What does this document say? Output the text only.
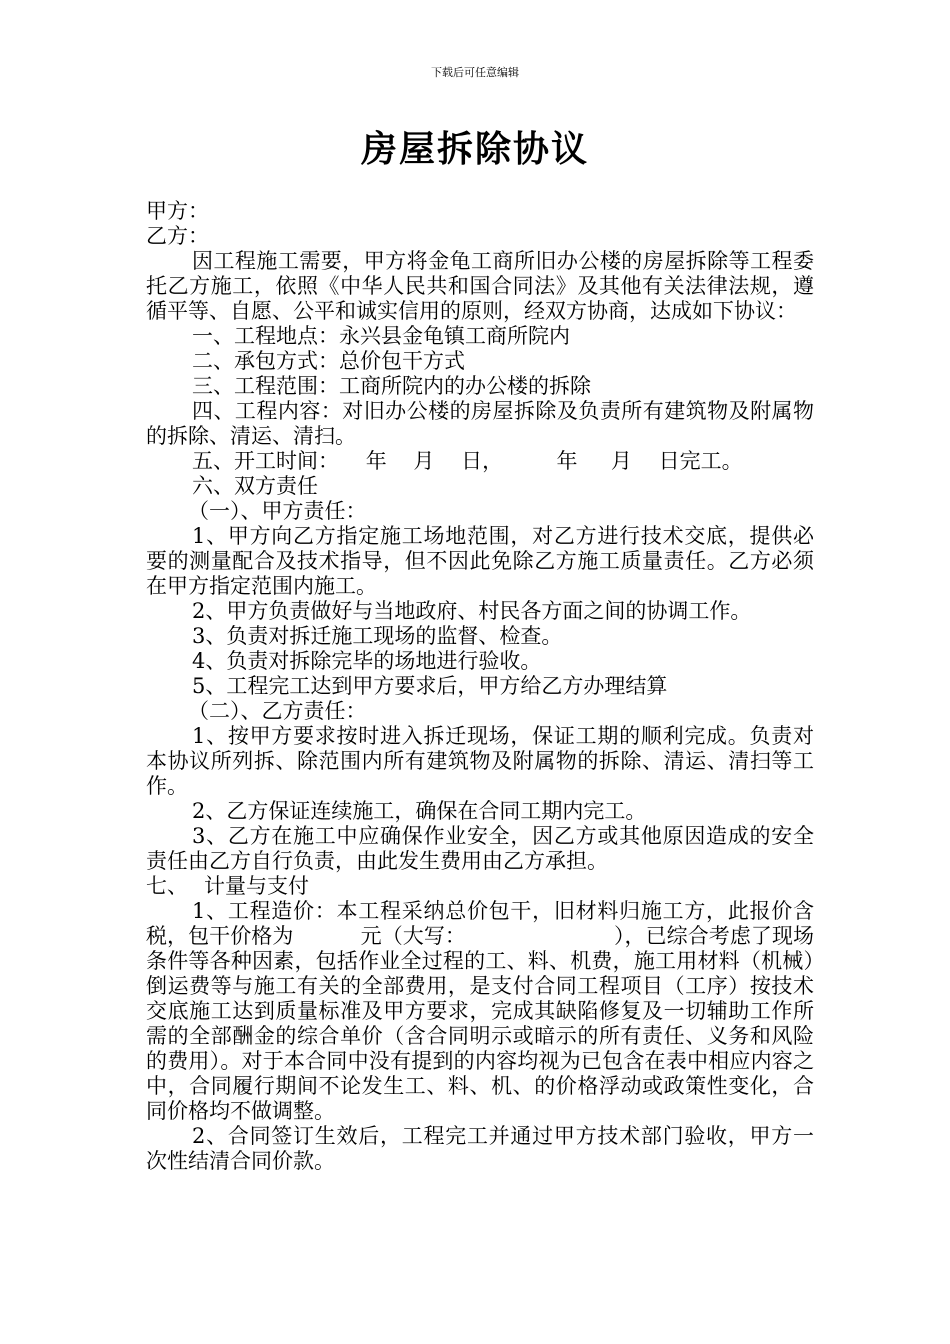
下载后可任意编辑
房屋拆除协议

甲方：

乙方：

因工程施工需要，甲方将金龟工商所旧办公楼的房屋拆除等工程委托乙方施工，依照《中华人民共和国合同法》及其他有关法律法规，遵循平等、自愿、公平和诚实信用的原则，经双方协商，达成如下协议：

一、工程地点：永兴县金龟镇工商所院内

二、承包方式：总价包干方式

三、工程范围：工商所院内的办公楼的拆除

四、工程内容：对旧办公楼的房屋拆除及负责所有建筑物及附属物的拆除、清运、清扫。

五、开工时间：    年    月    日，        年     月    日完工。

六、双方责任

（一）、甲方责任：

1、甲方向乙方指定施工场地范围，对乙方进行技术交底，提供必要的测量配合及技术指导，但不因此免除乙方施工质量责任。乙方必须在甲方指定范围内施工。

2、甲方负责做好与当地政府、村民各方面之间的协调工作。

3、负责对拆迁施工现场的监督、检查。

4、负责对拆除完毕的场地进行验收。

5、工程完工达到甲方要求后，甲方给乙方办理结算

（二）、乙方责任：

1、按甲方要求按时进入拆迁现场，保证工期的顺利完成。负责对本协议所列拆、除范围内所有建筑物及附属物的拆除、清运、清扫等工作。

2、乙方保证连续施工，确保在合同工期内完工。

3、乙方在施工中应确保作业安全，因乙方或其他原因造成的安全责任由乙方自行负责，由此发生费用由乙方承担。

七、 计量与支付

1、工程造价：本工程采纳总价包干，旧材料归施工方，此报价含税，包干价格为          元（大写：                      ），已综合考虑了现场条件等各种因素，包括作业全过程的工、料、机费，施工用材料（机械）倒运费等与施工有关的全部费用，是支付合同工程项目（工序）按技术交底施工达到质量标准及甲方要求，完成其缺陷修复及一切辅助工作所需的全部酬金的综合单价（含合同明示或暗示的所有责任、义务和风险的费用）。对于本合同中没有提到的内容均视为已包含在表中相应内容之中，合同履行期间不论发生工、料、机、的价格浮动或政策性变化，合同价格均不做调整。

2、合同签订生效后，工程完工并通过甲方技术部门验收，甲方一次性结清合同价款。
